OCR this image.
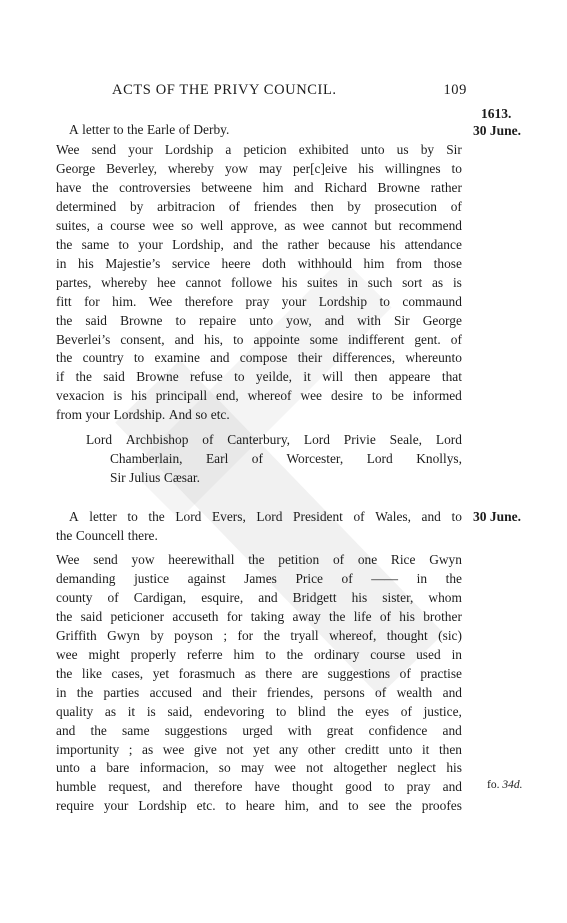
ACTS OF THE PRIVY COUNCIL.	109
1613.
30 June.
30 June.
fo. 34d.
A letter to the Earle of Derby.
Wee send your Lordship a peticion exhibited unto us by Sir
George Beverley, whereby yow may per[c]eive his willingnes to
have the controversies betweene him and Richard Browne rather
determined by arbitracion of friendes then by prosecution of
suites, a course wee so well approve, as wee cannot but recommend
the same to your Lordship, and the rather because his attendance
in his Majestie’s service heere doth withhould him from those
partes, whereby hee cannot followe his suites in such sort as is
fitt for him. Wee therefore pray your Lordship to commaund
the said Browne to repaire unto yow, and with Sir George
Beverlei’s consent, and his, to appointe some indifferent gent. of
the country to examine and compose their differences, whereunto
if the said Browne refuse to yeilde, it will then appeare that
vexacion is his principall end, whereof wee desire to be informed
from your Lordship. And so etc.
Lord Archbishop of Canterbury, Lord Privie Seale, Lord
Chamberlain, Earl of Worcester, Lord Knollys,
Sir Julius Cæsar.
A letter to the Lord Evers, Lord President of Wales, and to
the Councell there.
Wee send yow heerewithall the petition of one Rice Gwyn
demanding justice against James Price of —— in the
county of Cardigan, esquire, and Bridgett his sister, whom
the said peticioner accuseth for taking away the life of his brother
Griffith Gwyn by poyson ; for the tryall whereof, thought (sic)
wee might properly referre him to the ordinary course used in
the like cases, yet forasmuch as there are suggestions of practise
in the parties accused and their friendes, persons of wealth and
quality as it is said, endevoring to blind the eyes of justice,
and the same suggestions urged with great confidence and
importunity ; as wee give not yet any other creditt unto it then
unto a bare informacion, so may wee not altogether neglect his
humble request, and therefore have thought good to pray and
require your Lordship etc. to heare him, and to see the proofes
